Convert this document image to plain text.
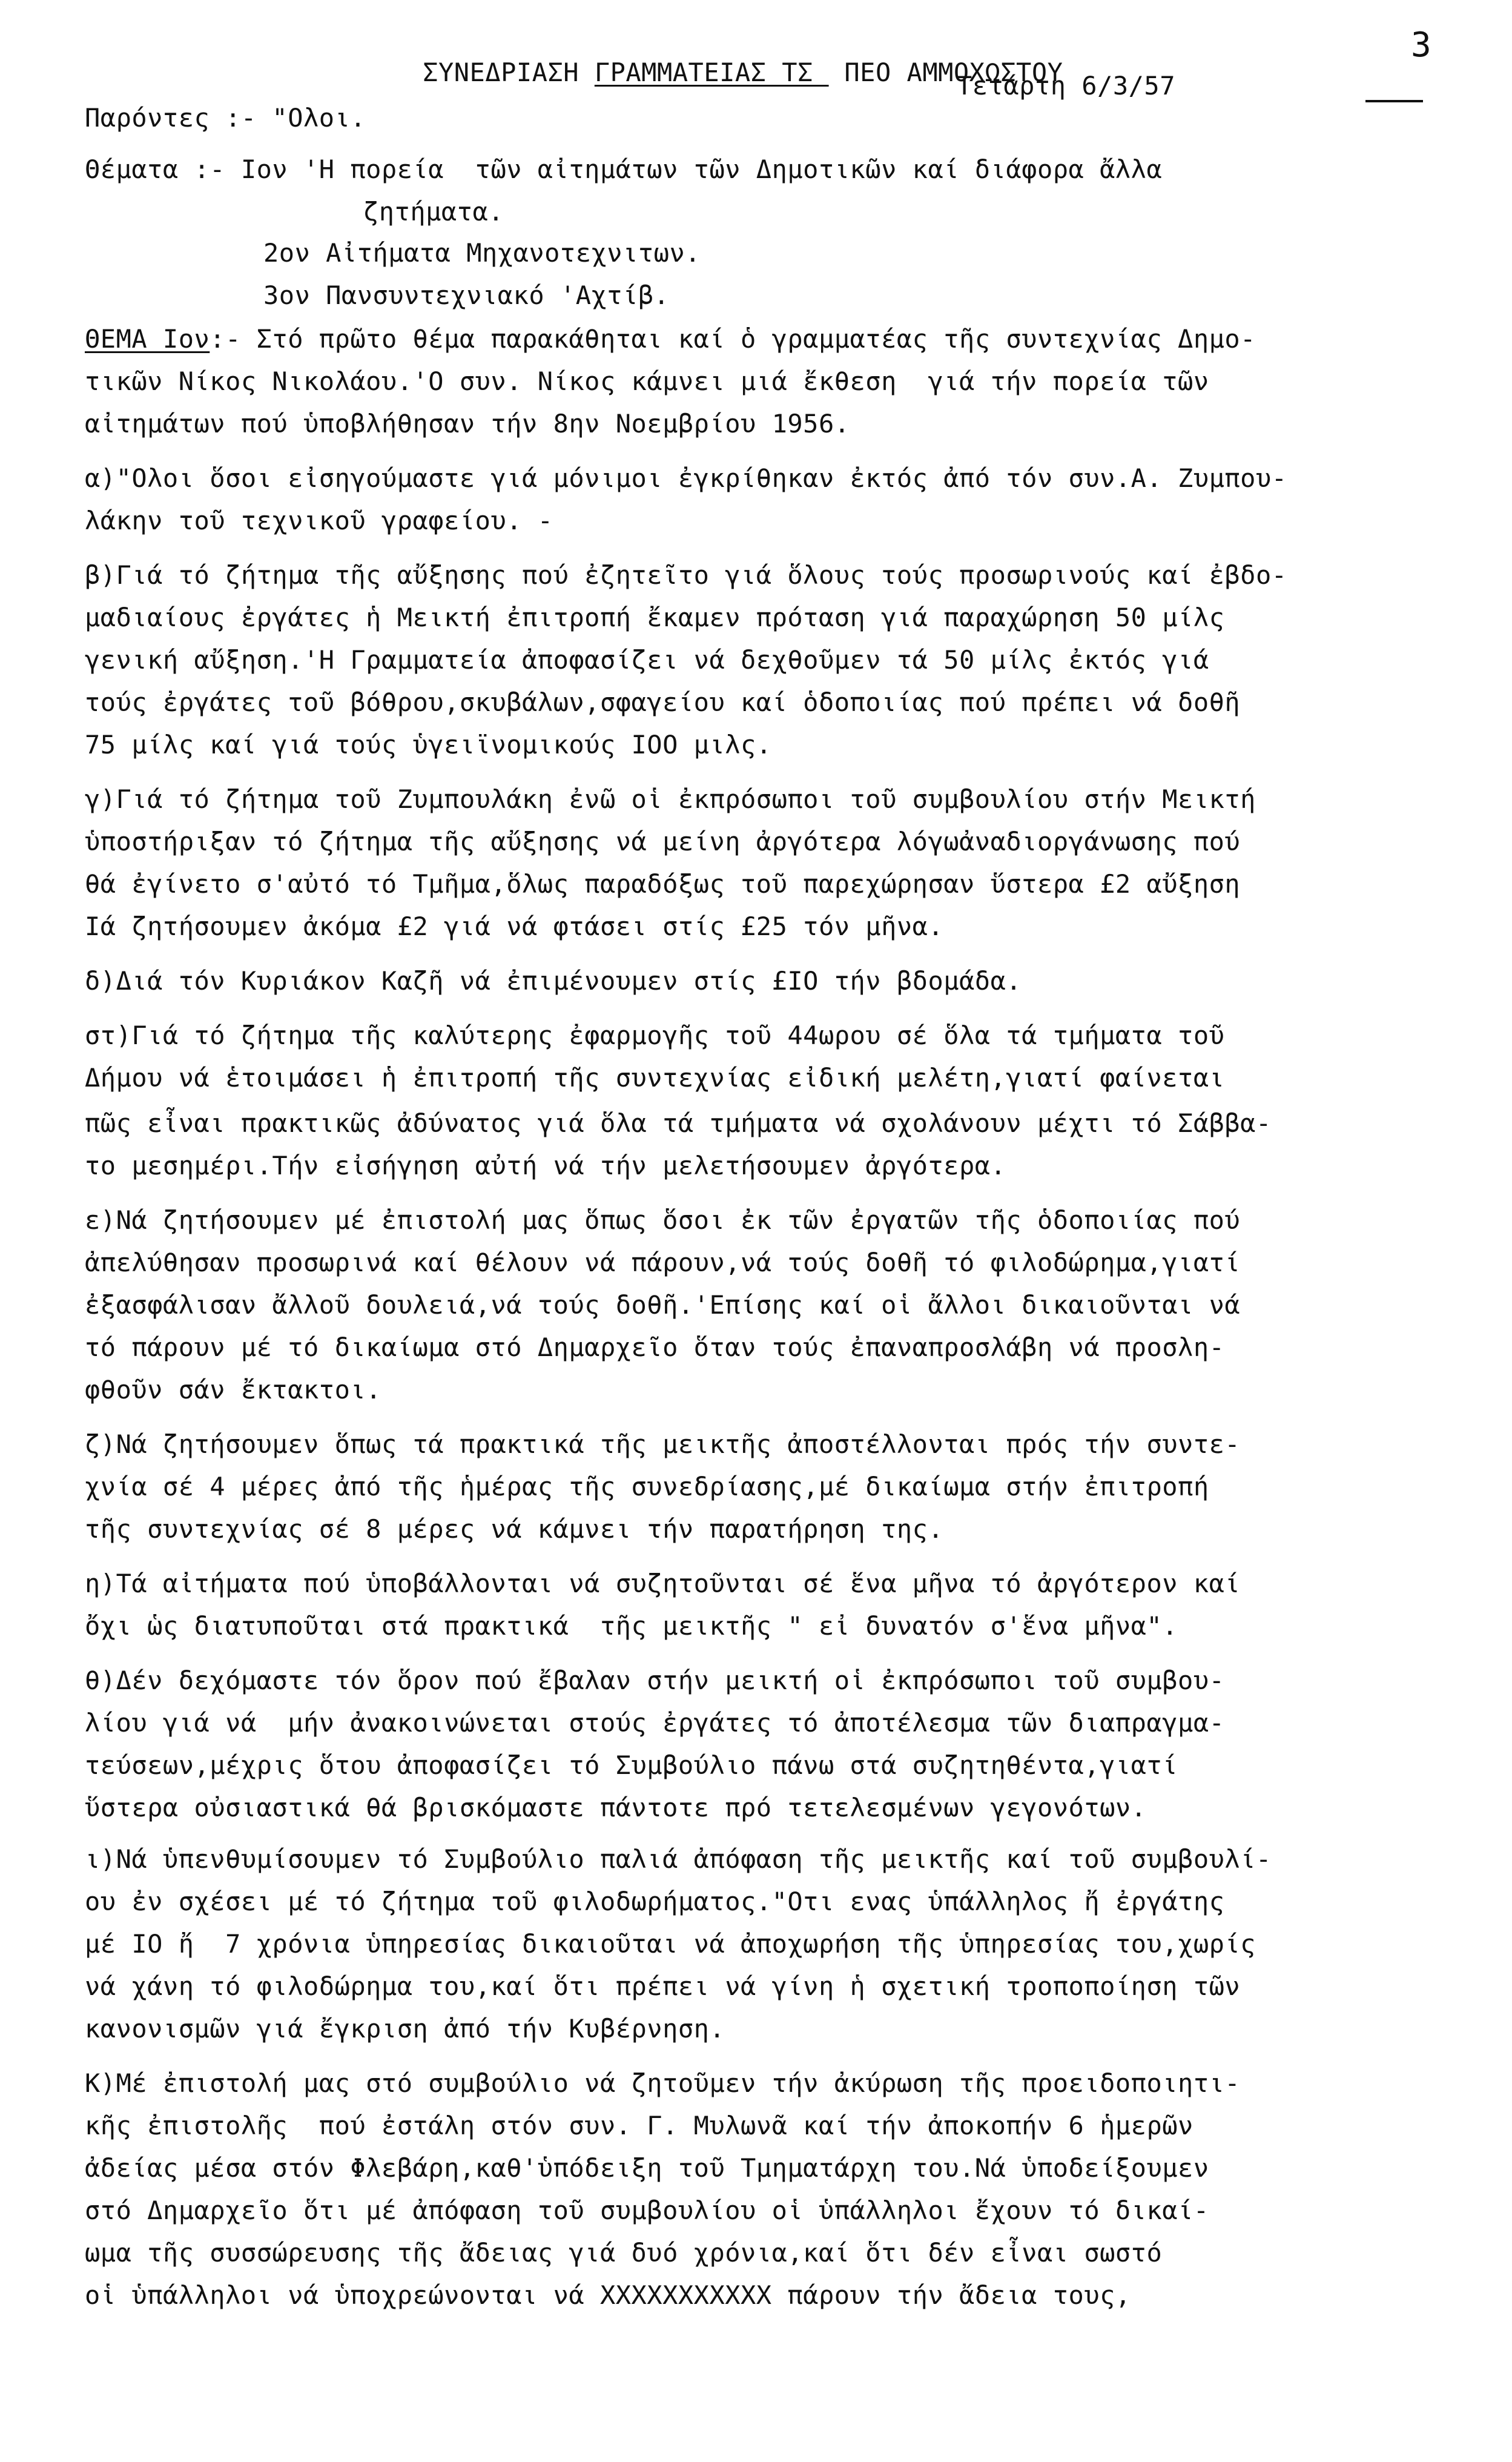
ΣΥΝΕΔΡΙΑΣΗ ΓΡΑΜΜΑΤΕΙΑΣ ΤΣ  ΠΕΟ ΑΜΜΟΧΩΣΤΟΥ

3
Τετάρτη 6/3/57
Παρόντες :- "Ολοι.
Θέματα :- Ιον 'Η πορεία  τῶν αἰτημάτων τῶν Δημοτικῶν καί διάφορα ἄλλα
ζητήματα.
2ον Αἰτήματα Μηχανοτεχνιτων.
3ον Πανσυντεχνιακό 'Αχτίβ.
ΘΕΜΑ Ιον:- Στό πρῶτο θέμα παρακάθηται καί ὁ γραμματέας τῆς συντεχνίας Δημο-
τικῶν Νίκος Νικολάου.'Ο συν. Νίκος κάμνει μιά ἔκθεση  γιά τήν πορεία τῶν
αἰτημάτων πού ὑποβλήθησαν τήν 8ην Νοεμβρίου 1956.
α)"Ολοι ὅσοι εἰσηγούμαστε γιά μόνιμοι ἐγκρίθηκαν ἐκτός ἀπό τόν συν.Α. Ζυμπου-
λάκην τοῦ τεχνικοῦ γραφείου. -
β)Γιά τό ζήτημα τῆς αὔξησης πού ἐζητεῖτο γιά ὅλους τούς προσωρινούς καί ἐβδο-
μαδιαίους ἐργάτες ἡ Μεικτή ἐπιτροπή ἔκαμεν πρόταση γιά παραχώρηση 50 μίλς
γενική αὔξηση.'Η Γραμματεία ἀποφασίζει νά δεχθοῦμεν τά 50 μίλς ἐκτός γιά
τούς ἐργάτες τοῦ βόθρου,σκυβάλων,σφαγείου καί ὁδοποιίας πού πρέπει νά δοθῆ
75 μίλς καί γιά τούς ὑγειϊνομικούς ΙΟΟ μιλς.
γ)Γιά τό ζήτημα τοῦ Ζυμπουλάκη ἐνῶ οἱ ἐκπρόσωποι τοῦ συμβουλίου στήν Μεικτή
ὑποστήριξαν τό ζήτημα τῆς αὔξησης νά μείνη ἀργότερα λόγωἀναδιοργάνωσης πού
θά ἐγίνετο σ'αὐτό τό Τμῆμα,ὅλως παραδόξως τοῦ παρεχώρησαν ὕστερα £2 αὔξηση
Iά ζητήσουμεν ἀκόμα £2 γιά νά φτάσει στίς £25 τόν μῆνα.
δ)Διά τόν Κυριάκον Καζῆ νά ἐπιμένουμεν στίς £ΙΟ τήν βδομάδα.
στ)Γιά τό ζήτημα τῆς καλύτερης ἐφαρμογῆς τοῦ 44ωρου σέ ὅλα τά τμήματα τοῦ
Δήμου νά ἑτοιμάσει ἡ ἐπιτροπή τῆς συντεχνίας εἰδική μελέτη,γιατί φαίνεται
πῶς εἶναι πρακτικῶς ἀδύνατος γιά ὅλα τά τμήματα νά σχολάνουν μέχτι τό Σάββα-
το μεσημέρι.Τήν εἰσήγηση αὐτή νά τήν μελετήσουμεν ἀργότερα.
ε)Νά ζητήσουμεν μέ ἐπιστολή μας ὅπως ὅσοι ἐκ τῶν ἐργατῶν τῆς ὁδοποιίας πού
ἀπελύθησαν προσωρινά καί θέλουν νά πάρουν,νά τούς δοθῆ τό φιλοδώρημα,γιατί
ἐξασφάλισαν ἄλλοῦ δουλειά,νά τούς δοθῆ.'Επίσης καί οἱ ἄλλοι δικαιοῦνται νά
τό πάρουν μέ τό δικαίωμα στό Δημαρχεῖο ὅταν τούς ἐπαναπροσλάβη νά προσλη-
φθοῦν σάν ἔκτακτοι.
ζ)Νά ζητήσουμεν ὅπως τά πρακτικά τῆς μεικτῆς ἀποστέλλονται πρός τήν συντε-
χνία σέ 4 μέρες ἀπό τῆς ἡμέρας τῆς συνεδρίασης,μέ δικαίωμα στήν ἐπιτροπή
τῆς συντεχνίας σέ 8 μέρες νά κάμνει τήν παρατήρηση της.
η)Τά αἰτήματα πού ὑποβάλλονται νά συζητοῦνται σέ ἕνα μῆνα τό ἀργότερον καί
ὄχι ὡς διατυποῦται στά πρακτικά  τῆς μεικτῆς " εἰ δυνατόν σ'ἕνα μῆνα".
θ)Δέν δεχόμαστε τόν ὅρον πού ἔβαλαν στήν μεικτή οἱ ἐκπρόσωποι τοῦ συμβου-
λίου γιά νά  μήν ἀνακοινώνεται στούς ἐργάτες τό ἀποτέλεσμα τῶν διαπραγμα-
τεύσεων,μέχρις ὅτου ἀποφασίζει τό Συμβούλιο πάνω στά συζητηθέντα,γιατί
ὕστερα οὐσιαστικά θά βρισκόμαστε πάντοτε πρό τετελεσμένων γεγονότων.
ι)Νά ὑπενθυμίσουμεν τό Συμβούλιο παλιά ἀπόφαση τῆς μεικτῆς καί τοῦ συμβουλί-
ου ἐν σχέσει μέ τό ζήτημα τοῦ φιλοδωρήματος."Οτι ενας ὑπάλληλος ἤ ἐργάτης
μέ ΙΟ ἤ  7 χρόνια ὑπηρεσίας δικαιοῦται νά ἀποχωρήση τῆς ὑπηρεσίας του,χωρίς
νά χάνη τό φιλοδώρημα του,καί ὅτι πρέπει νά γίνη ἡ σχετική τροποποίηση τῶν
κανονισμῶν γιά ἔγκριση ἀπό τήν Κυβέρνηση.
Κ)Μέ ἐπιστολή μας στό συμβούλιο νά ζητοῦμεν τήν ἀκύρωση τῆς προειδοποιητι-
κῆς ἐπιστολῆς  πού ἐστάλη στόν συν. Γ. Μυλωνᾶ καί τήν ἀποκοπήν 6 ἡμερῶν
ἀδείας μέσα στόν Φλεβάρη,καθ'ὑπόδειξη τοῦ Τμηματάρχη του.Νά ὑποδείξουμεν
στό Δημαρχεῖο ὅτι μέ ἀπόφαση τοῦ συμβουλίου οἱ ὑπάλληλοι ἔχουν τό δικαί-
ωμα τῆς συσσώρευσης τῆς ἄδειας γιά δυό χρόνια,καί ὅτι δέν εἶναι σωστό
οἱ ὑπάλληλοι νά ὑποχρεώνονται νά XXXXXXXXXXX πάρουν τήν ἄδεια τους,
